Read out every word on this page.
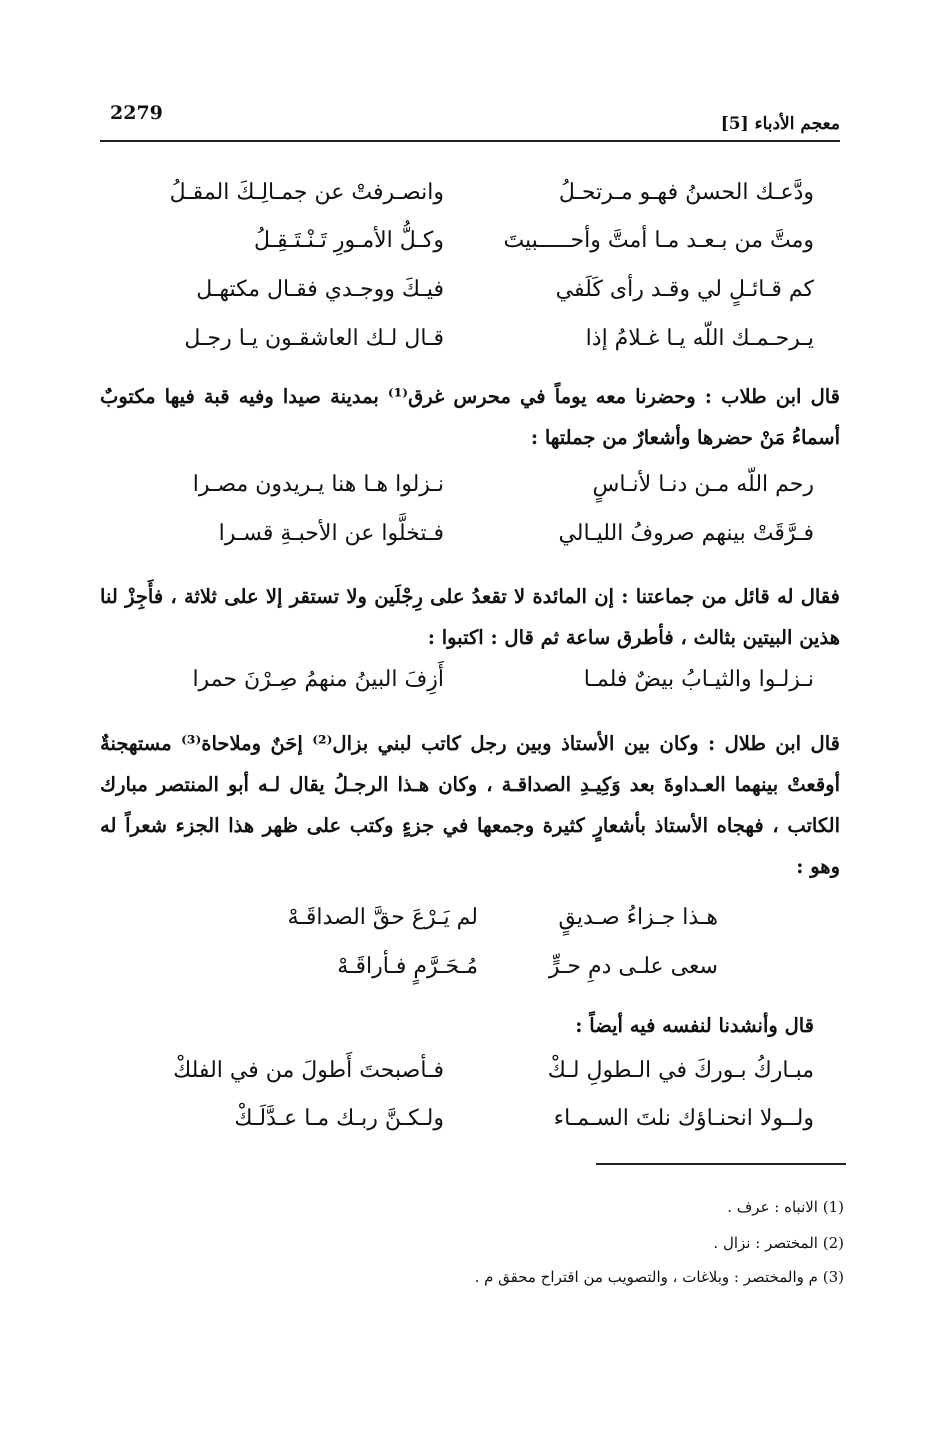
2279	معجم الأدباء [5]
ودَّعـك الحسنُ فهـو مـرتحـلُ
وانصـرفتْ عن جمـالِـكَ المقـلُ
ومتَّ من بـعـد مـا أمتَّ وأحـــــبيتَ
وكـلُّ الأمـورِ تَـنْـتَـقِـلُ
كم قـائـلٍ لي وقـد رأى كَلَفي
فيـكَ ووجـدي فقـال مكتهـل
يـرحـمـك اللّه يـا غـلامُ إذا
قـال لـك العاشقـون يـا رجـل
قال ابن طلاب : وحضرنا معه يوماً في محرس غرق⁽¹⁾ بمدينة صيدا وفيه قبة فيها مكتوبٌ أسماءُ مَنْ حضرها وأشعارٌ من جملتها :
رحم اللّه مـن دنـا لأنـاسٍ
نـزلوا هـا هنا يـريدون مصـرا
فـرَّقَتْ بينهم صروفُ الليـالي
فـتخلَّوا عن الأحبـةِ قسـرا
فقال له قائل من جماعتنا : إن المائدة لا تقعدُ على رِجْلَين ولا تستقر إلا على ثلاثة ، فأَجِزْ لنا هذين البيتين بثالث ، فأطرق ساعة ثم قال : اكتبوا :
نـزلـوا والثيـابُ بيضٌ فلمـا
أَزِفَ البينُ منهمُ صِـرْنَ حمرا
قال ابن طلال : وكان بين الأستاذ وبين رجل كاتب لبني بزال⁽²⁾ إحَنٌ وملاحاة⁽³⁾ مستهجنةٌ أوقعتْ بينهما العـداوةَ بعد وَكِيـدِ الصداقـة ، وكان هـذا الرجـلُ يقال لـه أبو المنتصر مبارك الكاتب ، فهجاه الأستاذ بأشعارٍ كثيرة وجمعها في جزءٍ وكتب على ظهر هذا الجزء شعراً له وهو :
هـذا جـزاءُ صـديقٍ
لم يَـرْعَ حقَّ الصداقَـهْ
سعى علـى دمِ حـرٍّ
مُـحَـرَّمٍ فـأراقَـهْ
قال وأنشدنا لنفسه فيه أيضاً :
مبـاركُ بـوركَ في الـطولِ لـكْ
فـأصبحتَ أَطولَ من في الفلكْ
ولــولا انحنـاؤك نلتَ السـمـاء
ولـكـنَّ ربـك مـا عـدَّلَـكْ
(1) الانباه : عرف .
(2) المختصر : نزال .
(3) م والمختصر : وبلاغات ، والتصويب من اقتراح محقق م .
